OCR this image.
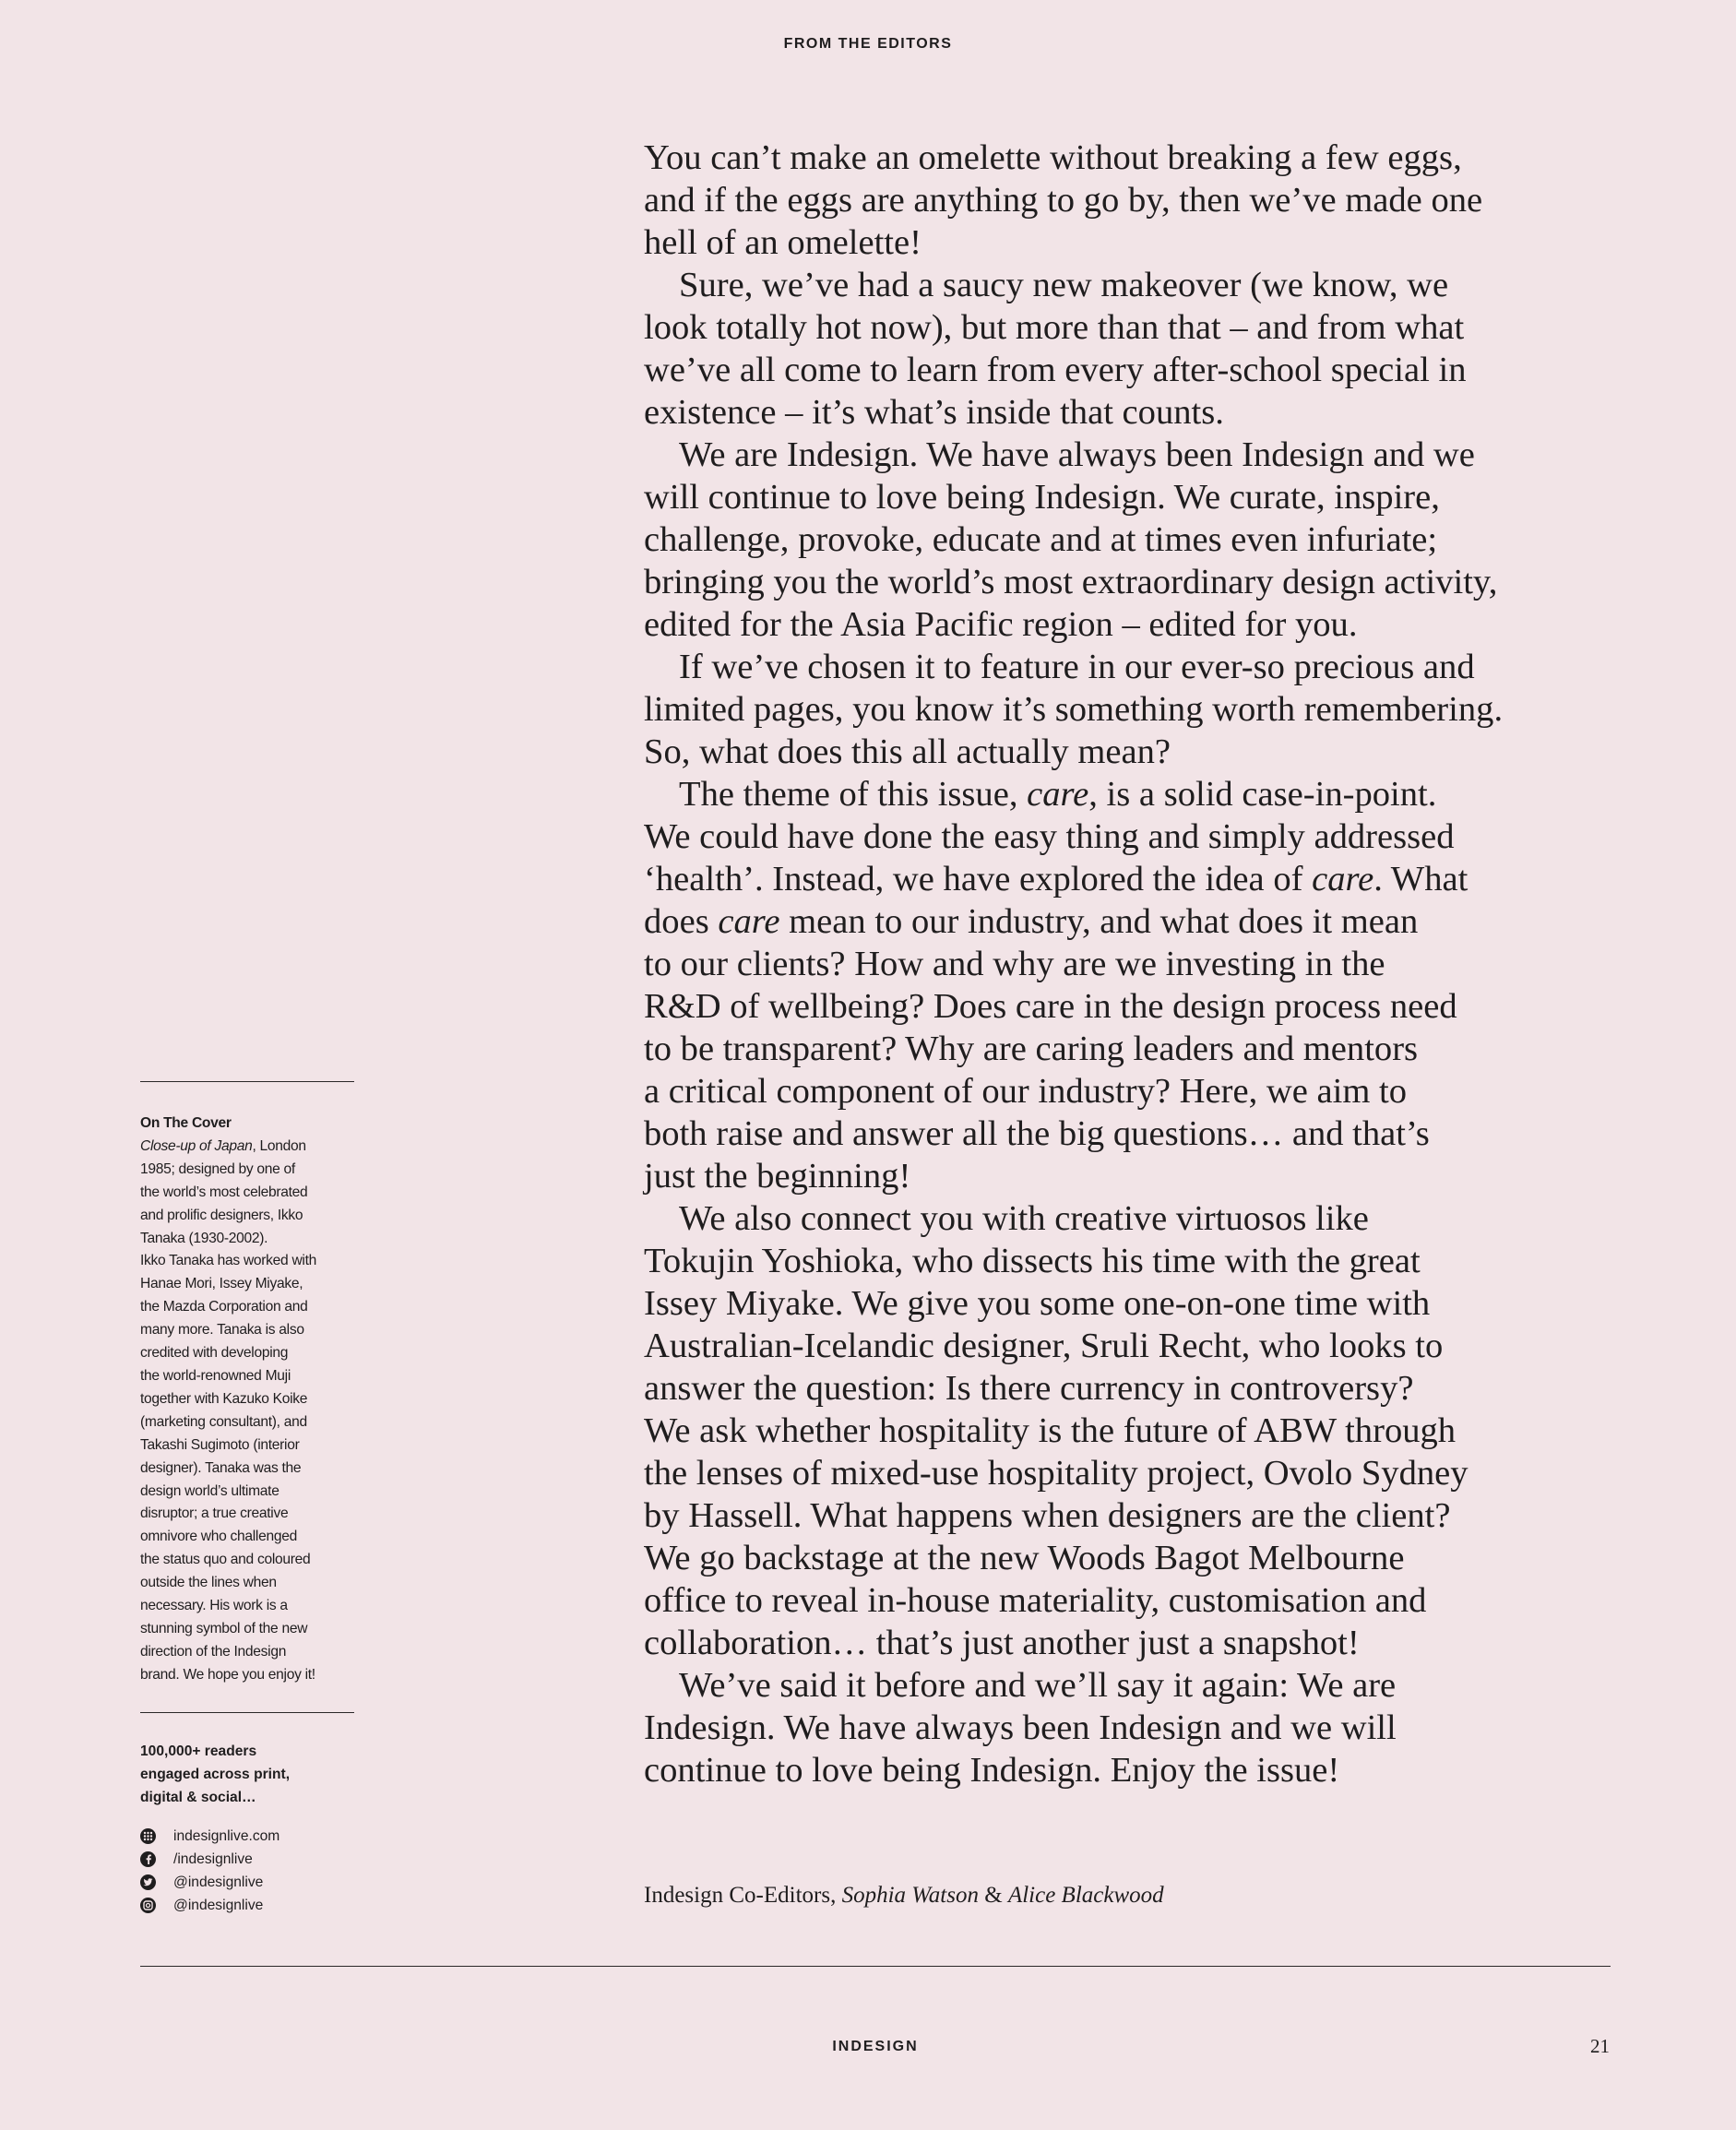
FROM THE EDITORS

You can’t make an omelette without breaking a few eggs,

and if the eggs are anything to go by, then we’ve made one

hell of an omelette!

Sure, we’ve had a saucy new makeover (we know, we

look totally hot now), but more than that – and from what

we’ve all come to learn from every after-school special in

existence – it’s what’s inside that counts.

We are Indesign. We have always been Indesign and we

will continue to love being Indesign. We curate, inspire,

challenge, provoke, educate and at times even infuriate;

bringing you the world’s most extraordinary design activity,

edited for the Asia Pacific region – edited for you.

If we’ve chosen it to feature in our ever-so precious and

limited pages, you know it’s something worth remembering.

So, what does this all actually mean?

The theme of this issue, care, is a solid case-in-point.

We could have done the easy thing and simply addressed

‘health’. Instead, we have explored the idea of care. What

does care mean to our industry, and what does it mean

to our clients? How and why are we investing in the

R&D of wellbeing? Does care in the design process need

to be transparent? Why are caring leaders and mentors

a critical component of our industry? Here, we aim to

both raise and answer all the big questions… and that’s

just the beginning!

We also connect you with creative virtuosos like

Tokujin Yoshioka, who dissects his time with the great

Issey Miyake. We give you some one-on-one time with

Australian-Icelandic designer, Sruli Recht, who looks to

answer the question: Is there currency in controversy?

We ask whether hospitality is the future of ABW through

the lenses of mixed-use hospitality project, Ovolo Sydney

by Hassell. What happens when designers are the client?

We go backstage at the new Woods Bagot Melbourne

office to reveal in-house materiality, customisation and

collaboration… that’s just another just a snapshot!

We’ve said it before and we’ll say it again: We are

Indesign. We have always been Indesign and we will

continue to love being Indesign. Enjoy the issue!

Indesign Co-Editors, Sophia Watson & Alice Blackwood
On The Cover

Close-up of Japan, London

1985; designed by one of

the world’s most celebrated

and prolific designers, Ikko

Tanaka (1930-2002).

Ikko Tanaka has worked with

Hanae Mori, Issey Miyake,

the Mazda Corporation and

many more. Tanaka is also

credited with developing

the world-renowned Muji

together with Kazuko Koike

(marketing consultant), and

Takashi Sugimoto (interior

designer). Tanaka was the

design world’s ultimate

disruptor; a true creative

omnivore who challenged

the status quo and coloured

outside the lines when

necessary. His work is a

stunning symbol of the new

direction of the Indesign

brand. We hope you enjoy it!

100,000+ readers

engaged across print,

digital & social…

indesignlive.com
/indesignlive
@indesignlive
@indesignlive
INDESIGN	21
